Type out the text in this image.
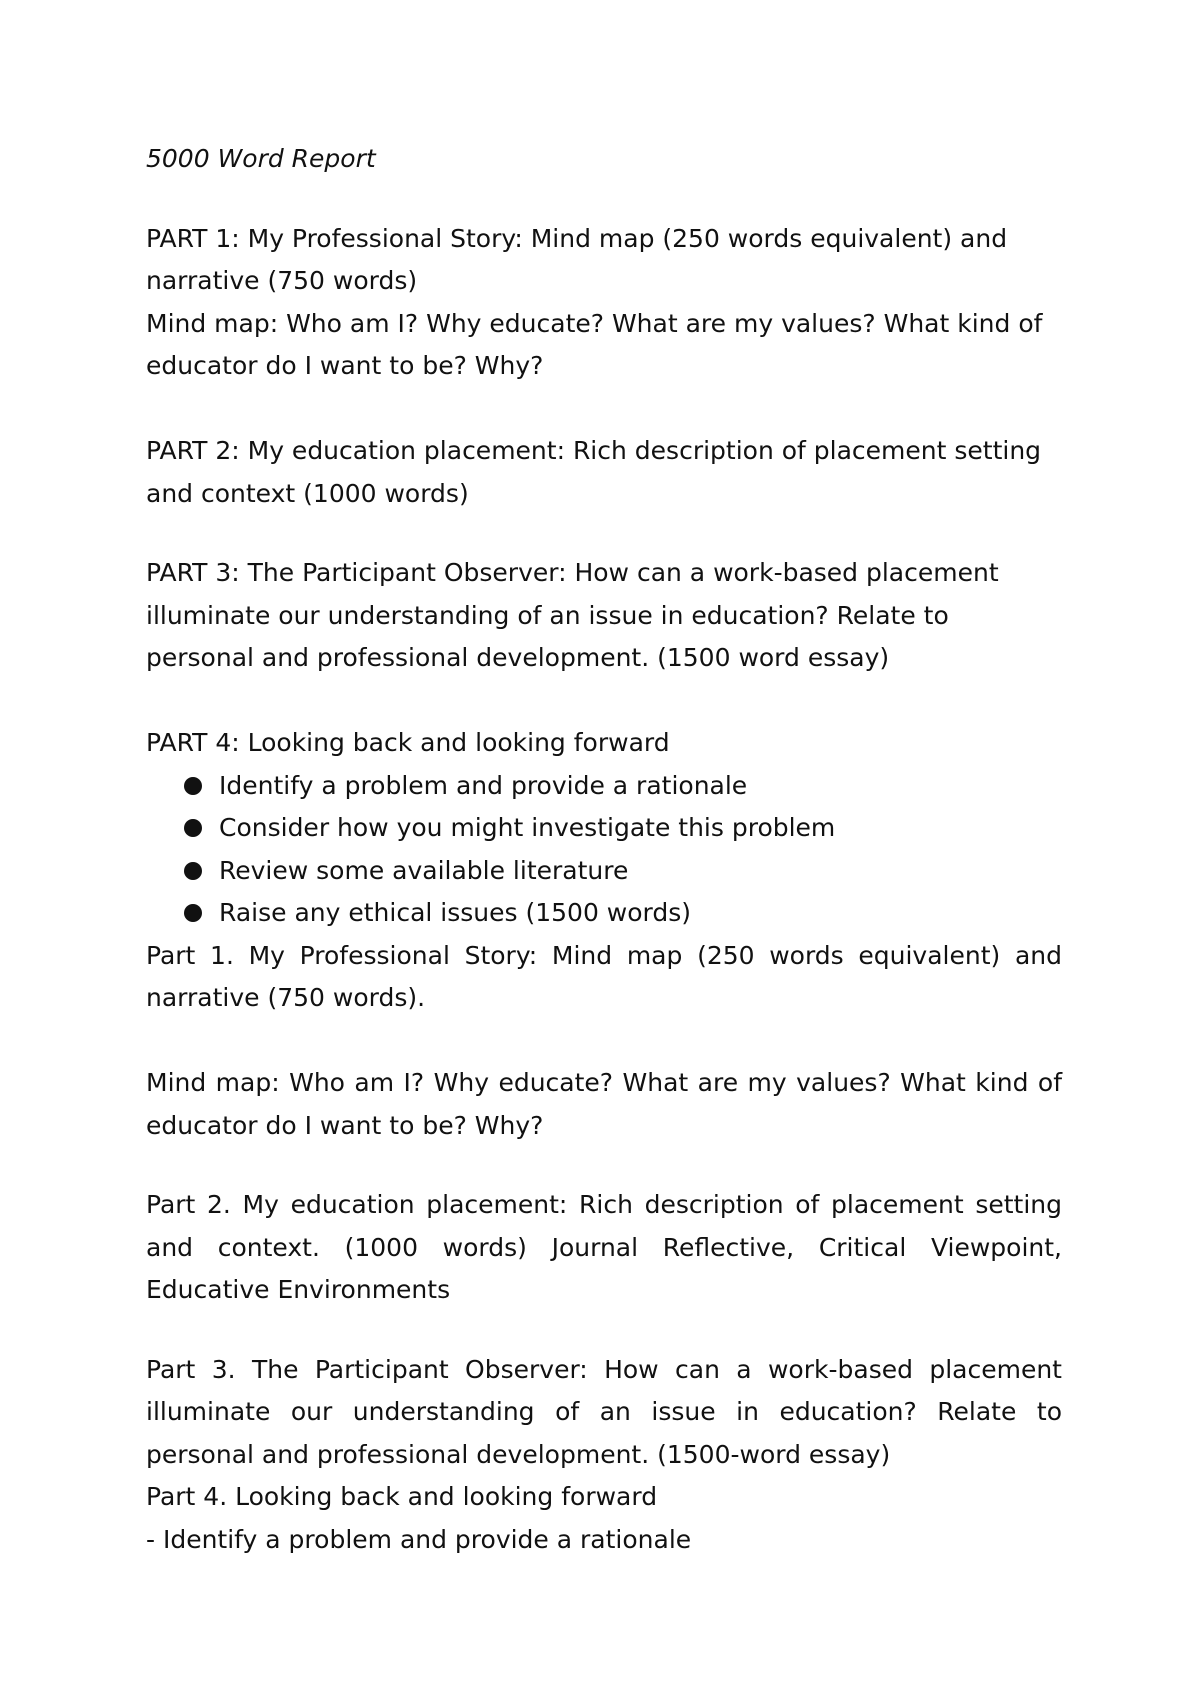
5000 Word Report

PART 1: My Professional Story: Mind map (250 words equivalent) and narrative (750 words)

Mind map: Who am I? Why educate? What are my values? What kind of educator do I want to be? Why?

PART 2: My education placement: Rich description of placement setting and context (1000 words)

PART 3: The Participant Observer: How can a work-based placement illuminate our understanding of an issue in education? Relate to personal and professional development. (1500 word essay)

PART 4: Looking back and looking forward

Identify a problem and provide a rationale
Consider how you might investigate this problem
Review some available literature
Raise any ethical issues (1500 words)

Part 1. My Professional Story: Mind map (250 words equivalent) and narrative (750 words).

Mind map: Who am I? Why educate? What are my values? What kind of educator do I want to be? Why?

Part 2. My education placement: Rich description of placement setting and context. (1000 words) Journal Reflective, Critical Viewpoint, Educative Environments

Part 3. The Participant Observer: How can a work-based placement illuminate our understanding of an issue in education? Relate to personal and professional development. (1500-word essay)

Part 4. Looking back and looking forward

- Identify a problem and provide a rationale
